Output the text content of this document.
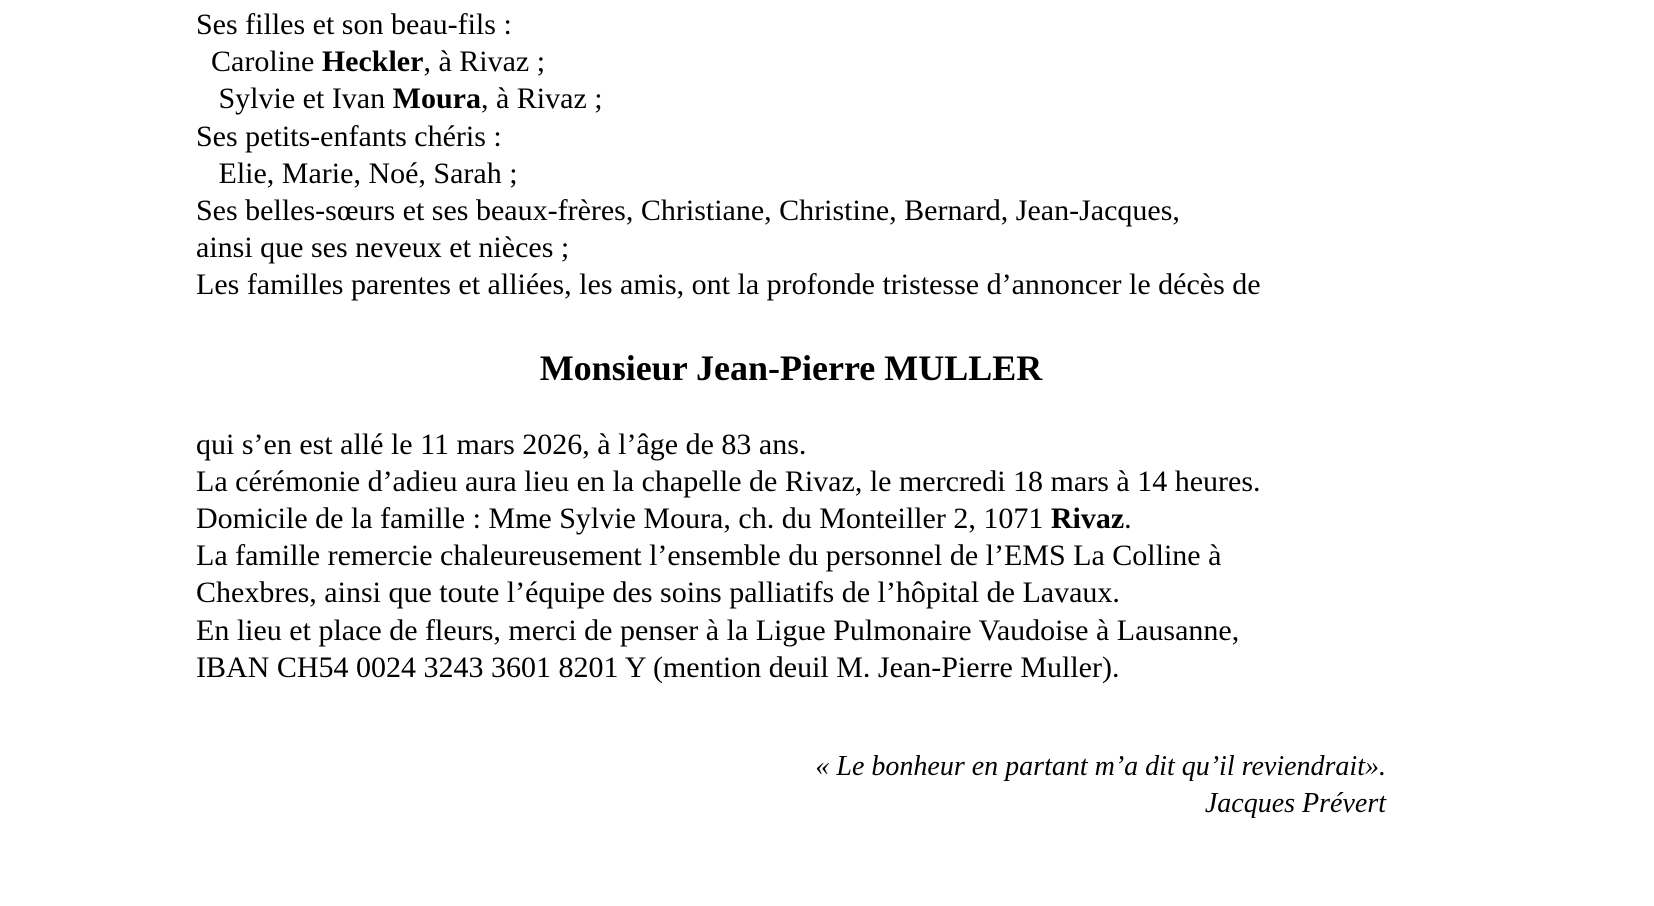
Ses filles et son beau-fils :
Caroline Heckler, à Rivaz ;
Sylvie et Ivan Moura, à Rivaz ;
Ses petits-enfants chéris :
Elie, Marie, Noé, Sarah ;
Ses belles-sœurs et ses beaux-frères, Christiane, Christine, Bernard, Jean-Jacques,
ainsi que ses neveux et nièces ;
Les familles parentes et alliées, les amis, ont la profonde tristesse d’annoncer le décès de
Monsieur Jean-Pierre MULLER
qui s’en est allé le 11 mars 2026, à l’âge de 83 ans.
La cérémonie d’adieu aura lieu en la chapelle de Rivaz, le mercredi 18 mars à 14 heures.
Domicile de la famille : Mme Sylvie Moura, ch. du Monteiller 2, 1071 Rivaz.
La famille remercie chaleureusement l’ensemble du personnel de l’EMS La Colline à
Chexbres, ainsi que toute l’équipe des soins palliatifs de l’hôpital de Lavaux.
En lieu et place de fleurs, merci de penser à la Ligue Pulmonaire Vaudoise à Lausanne,
IBAN CH54 0024 3243 3601 8201 Y (mention deuil M. Jean-Pierre Muller).
« Le bonheur en partant m’a dit qu’il reviendrait».
Jacques Prévert
